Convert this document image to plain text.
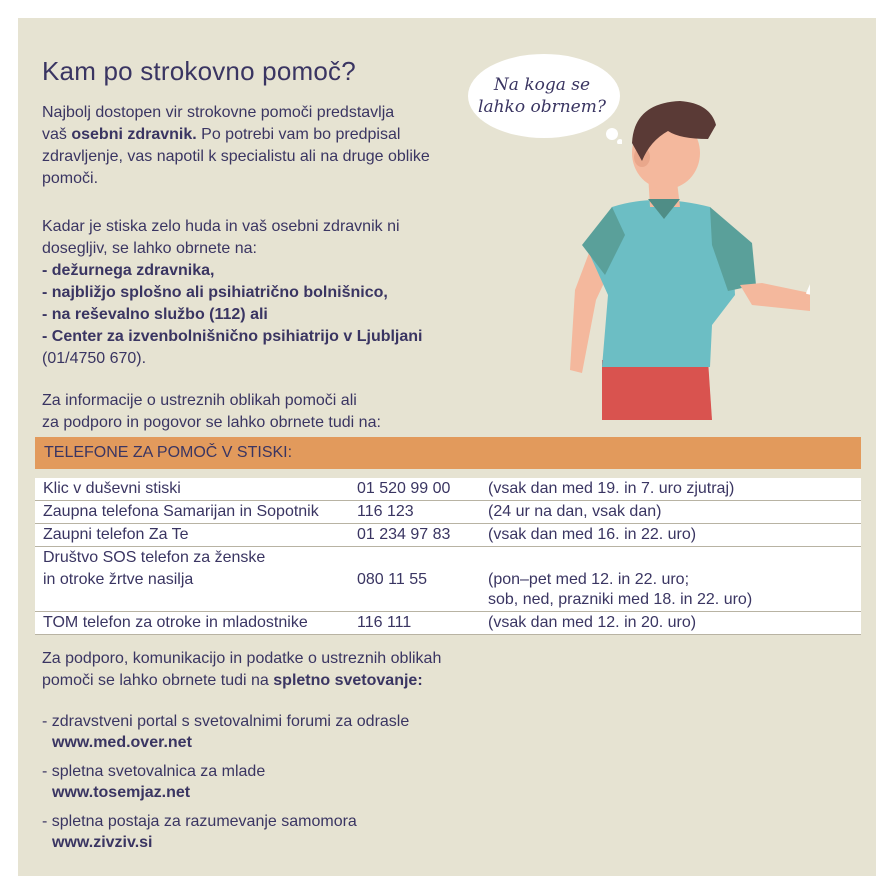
Kam po strokovno pomoč?
Najbolj dostopen vir strokovne pomoči predstavlja
vaš osebni zdravnik. Po potrebi vam bo predpisal
zdravljenje, vas napotil k specialistu ali na druge oblike
pomoči.
Kadar je stiska zelo huda in vaš osebni zdravnik ni
dosegljiv, se lahko obrnete na:
- dežurnega zdravnika,
- najbližjo splošno ali psihiatrično bolnišnico,
- na reševalno službo (112) ali
- Center za izvenbolnišnično psihiatrijo v Ljubljani
(01/4750 670).
Za informacije o ustreznih oblikah pomoči ali
za podporo in pogovor se lahko obrnete tudi na:
Na koga se
lahko obrnem?
TELEFONE ZA POMOČ V STISKI:
Klic v duševni stiski	01 520 99 00 (vsak dan med 19. in 7. uro zjutraj)
Zaupna telefona Samarijan in Sopotnik 116 123	(24 ur na dan, vsak dan)
Zaupni telefon Za Te	01 234 97 83 (vsak dan med 16. in 22. uro)
Društvo SOS telefon za ženske
in otroke žrtve nasilja	080 11 55	(pon–pet med 12. in 22. uro;
sob, ned, prazniki med 18. in 22. uro)
TOM telefon za otroke in mladostnike	116 111	(vsak dan med 12. in 20. uro)
Za podporo, komunikacijo in podatke o ustreznih oblikah
pomoči se lahko obrnete tudi na spletno svetovanje:
- zdravstveni portal s svetovalnimi forumi za odrasle
www.med.over.net
- spletna svetovalnica za mlade
www.tosemjaz.net
- spletna postaja za razumevanje samomora
www.zivziv.si
